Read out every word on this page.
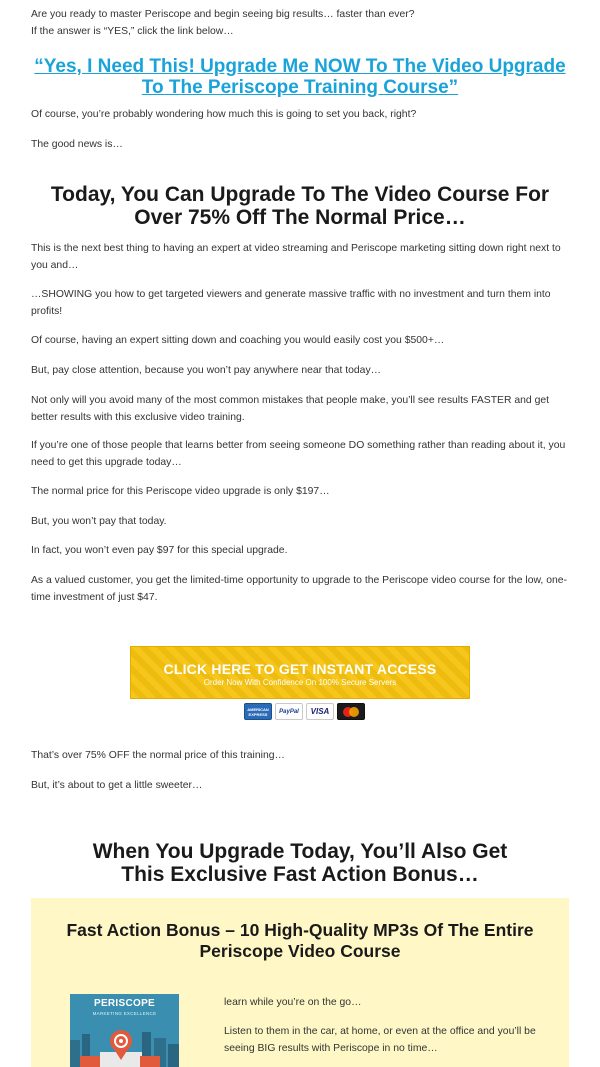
Are you ready to master Periscope and begin seeing big results… faster than ever?

If the answer is “YES,” click the link below…

“Yes, I Need This! Upgrade Me NOW To The Video Upgrade
To The Periscope Training Course”

Of course, you’re probably wondering how much this is going to set you back, right?

The good news is…

Today, You Can Upgrade To The Video Course For
Over 75% Off The Normal Price…

This is the next best thing to having an expert at video streaming and Periscope marketing sitting down right next to you and…

…SHOWING you how to get targeted viewers and generate massive traffic with no investment and turn them into profits!

Of course, having an expert sitting down and coaching you would easily cost you $500+…

But, pay close attention, because you won’t pay anywhere near that today…

Not only will you avoid many of the most common mistakes that people make, you’ll see results FASTER and get better results with this exclusive video training.

If you’re one of those people that learns better from seeing someone DO something rather than reading about it, you need to get this upgrade today…

The normal price for this Periscope video upgrade is only $197…

But, you won’t pay that today.

In fact, you won’t even pay $97 for this special upgrade.

As a valued customer, you get the limited-time opportunity to upgrade to the Periscope video course for the low, one-time investment of just $47.

CLICK HERE TO GET INSTANT ACCESS
Order Now With Confidence On 100% Secure Servers
AMERICAN EXPRESS	PayPal	VISA

That’s over 75% OFF the normal price of this training…

But, it’s about to get a little sweeter…

When You Upgrade Today, You’ll Also Get
This Exclusive Fast Action Bonus…
Fast Action Bonus – 10 High-Quality MP3s Of The Entire
Periscope Video Course
PERISCOPE
MARKETING EXCELLENCE

learn while you’re on the go…

Listen to them in the car, at home, or even at the office and you’ll be seeing BIG results with Periscope in no time…
